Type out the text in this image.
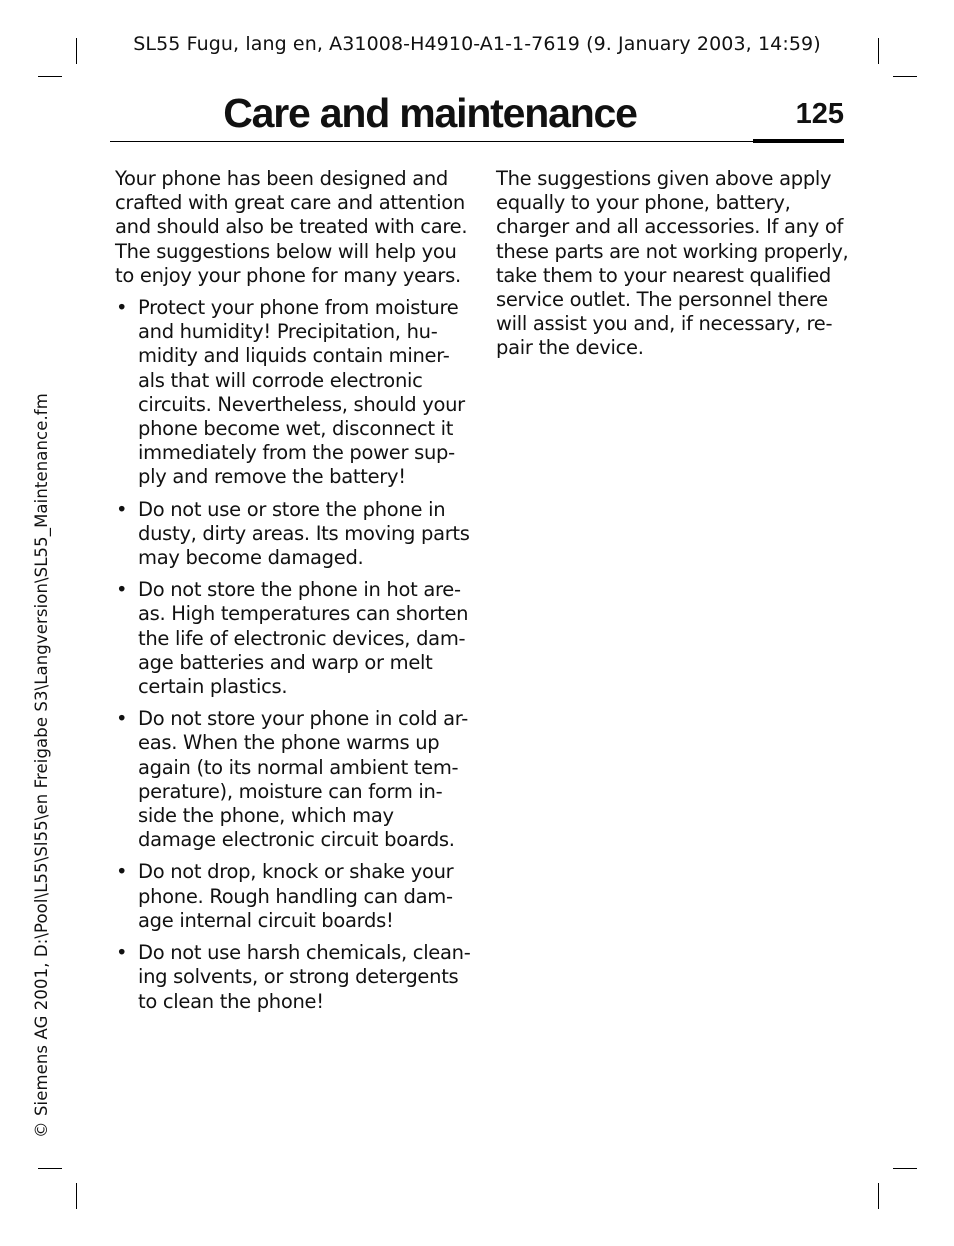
SL55 Fugu, lang en, A31008-H4910-A1-1-7619 (9. January 2003, 14:59)
Care and maintenance	125
Your phone has been designed and
crafted with great care and attention
and should also be treated with care.
The suggestions below will help you
to enjoy your phone for many years.
• Protect your phone from moisture
and humidity! Precipitation, hu-
midity and liquids contain miner-
als that will corrode electronic
circuits. Nevertheless, should your
phone become wet, disconnect it
immediately from the power sup-
ply and remove the battery!
• Do not use or store the phone in
dusty, dirty areas. Its moving parts
may become damaged.
• Do not store the phone in hot are-
as. High temperatures can shorten
the life of electronic devices, dam-
age batteries and warp or melt
certain plastics.
• Do not store your phone in cold ar-
eas. When the phone warms up
again (to its normal ambient tem-
perature), moisture can form in-
side the phone, which may
damage electronic circuit boards.
• Do not drop, knock or shake your
phone. Rough handling can dam-
age internal circuit boards!
• Do not use harsh chemicals, clean-
ing solvents, or strong detergents
to clean the phone!
The suggestions given above apply
equally to your phone, battery,
charger and all accessories. If any of
these parts are not working properly,
take them to your nearest qualified
service outlet. The personnel there
will assist you and, if necessary, re-
pair the device.
© Siemens AG 2001, D:\Pool\L55\Sl55\en Freigabe S3\Langversion\SL55_Maintenance.fm
